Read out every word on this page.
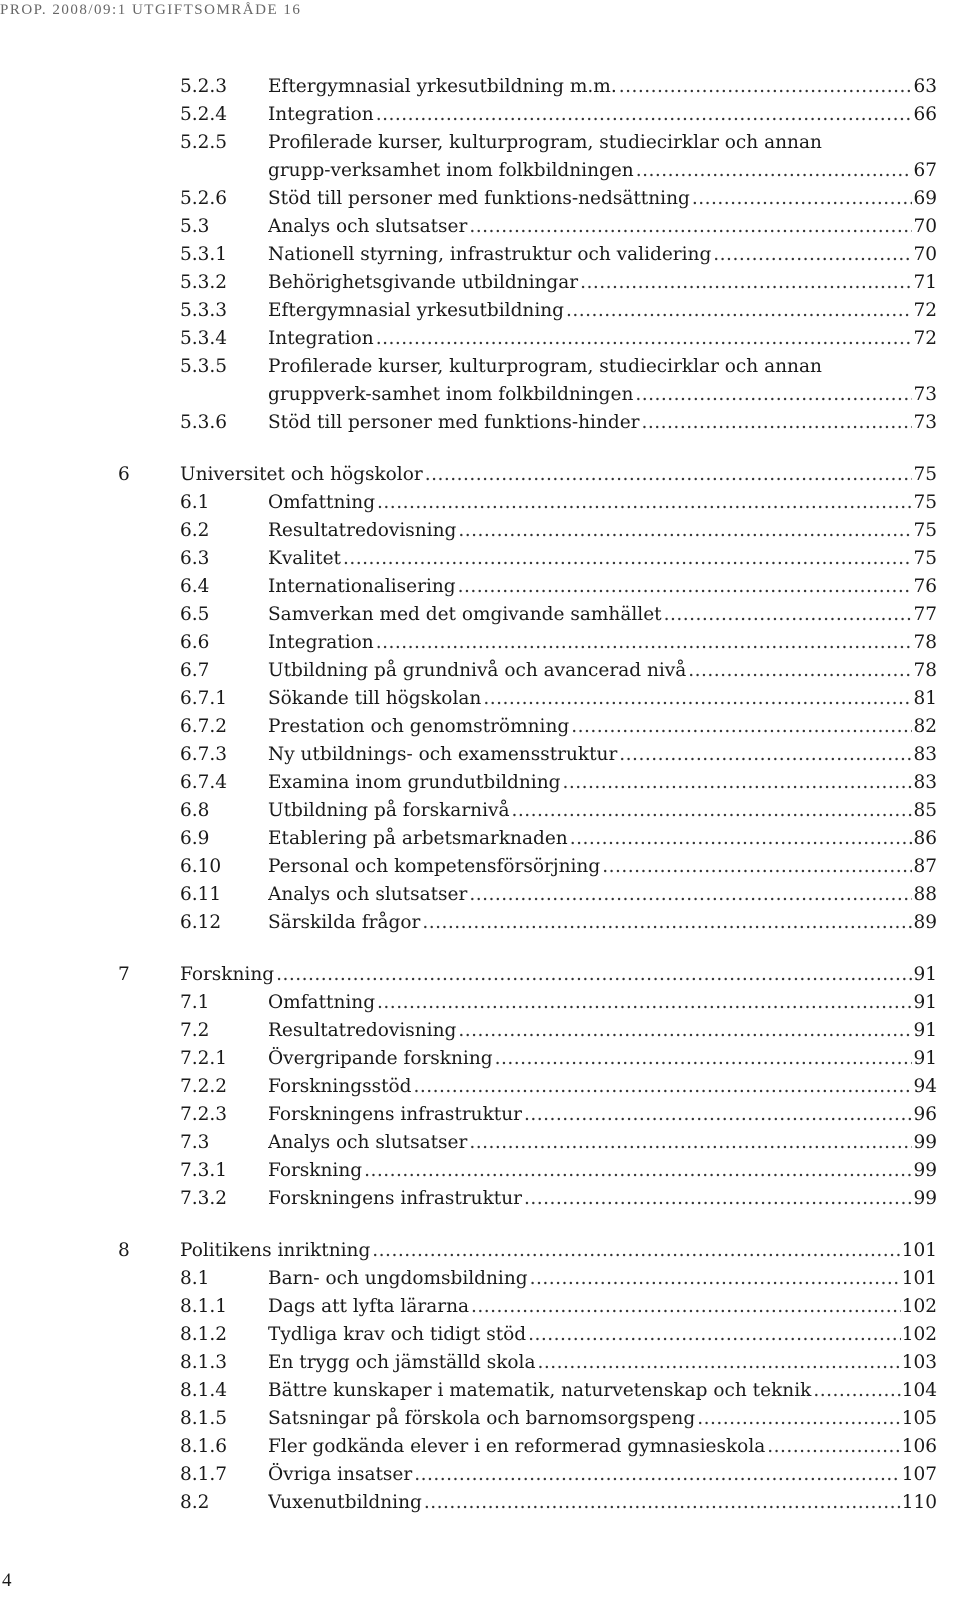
PROP. 2008/09:1 UTGIFTSOMRÅDE 16
5.2.3 Eftergymnasial yrkesutbildning m.m. .....	63
5.2.4 Integration .....	66
5.2.5 Profilerade kurser, kulturprogram, studiecirklar och annan
grupp-verksamhet inom folkbildningen .....	67
5.2.6 Stöd till personer med funktions-nedsättning .....	69
5.3	Analys och slutsatser .....	70
5.3.1 Nationell styrning, infrastruktur och validering .....	70
5.3.2 Behörighetsgivande utbildningar .....	71
5.3.3 Eftergymnasial yrkesutbildning .....	72
5.3.4 Integration .....	72
5.3.5 Profilerade kurser, kulturprogram, studiecirklar och annan
gruppverk-samhet inom folkbildningen .....	73
5.3.6 Stöd till personer med funktions-hinder .....	73
6	Universitet och högskolor .....	75
6.1	Omfattning .....	75
6.2	Resultatredovisning .....	75
6.3	Kvalitet .....	75
6.4	Internationalisering .....	76
6.5	Samverkan med det omgivande samhället .....	77
6.6	Integration .....	78
6.7	Utbildning på grundnivå och avancerad nivå .....	78
6.7.1 Sökande till högskolan .....	81
6.7.2 Prestation och genomströmning .....	82
6.7.3 Ny utbildnings- och examensstruktur .....	83
6.7.4 Examina inom grundutbildning .....	83
6.8	Utbildning på forskarnivå .....	85
6.9	Etablering på arbetsmarknaden .....	86
6.10	Personal och kompetensförsörjning .....	87
6.11	Analys och slutsatser .....	88
6.12	Särskilda frågor .....	89
7	Forskning .....	91
7.1	Omfattning .....	91
7.2	Resultatredovisning .....	91
7.2.1 Övergripande forskning .....	91
7.2.2 Forskningsstöd .....	94
7.2.3 Forskningens infrastruktur .....	96
7.3	Analys och slutsatser .....	99
7.3.1 Forskning .....	99
7.3.2 Forskningens infrastruktur .....	99
8	Politikens inriktning .....	101
8.1	Barn- och ungdomsbildning .....	101
8.1.1 Dags att lyfta lärarna .....	102
8.1.2 Tydliga krav och tidigt stöd .....	102
8.1.3 En trygg och jämställd skola .....	103
8.1.4 Bättre kunskaper i matematik, naturvetenskap och teknik .....	104
8.1.5 Satsningar på förskola och barnomsorgspeng .....	105
8.1.6 Fler godkända elever i en reformerad gymnasieskola .....	106
8.1.7 Övriga insatser .....	107
8.2	Vuxenutbildning .....	110
4
